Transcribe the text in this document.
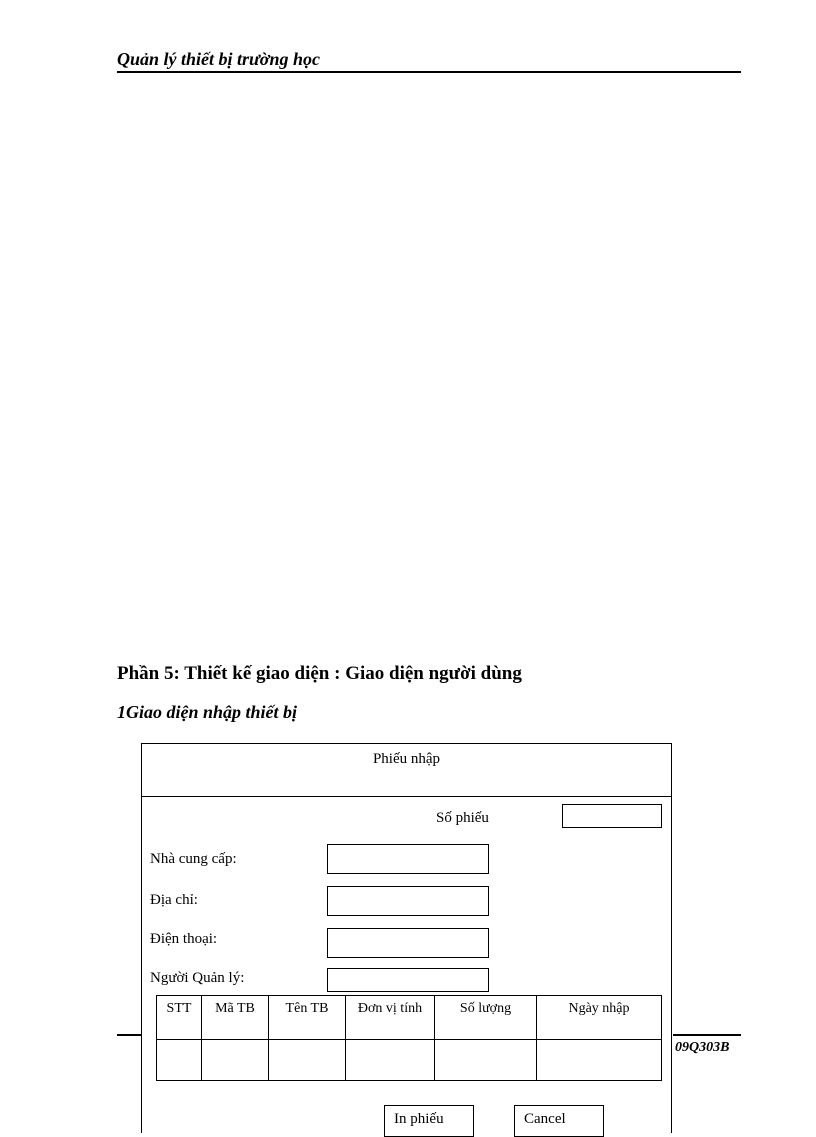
Quản lý thiết bị trường học
Phần 5: Thiết kế giao diện : Giao diện người dùng
1Giao diện nhập thiết bị
Phiếu nhập
Số phiếu
Nhà cung cấp:
Địa chỉ:
Điện thoại:
Người Quản lý:
STT	Mã TB	Tên TB	Đơn vị tính	Số lượng	Ngày nhập

In phiếu	Cancel
09Q303B
